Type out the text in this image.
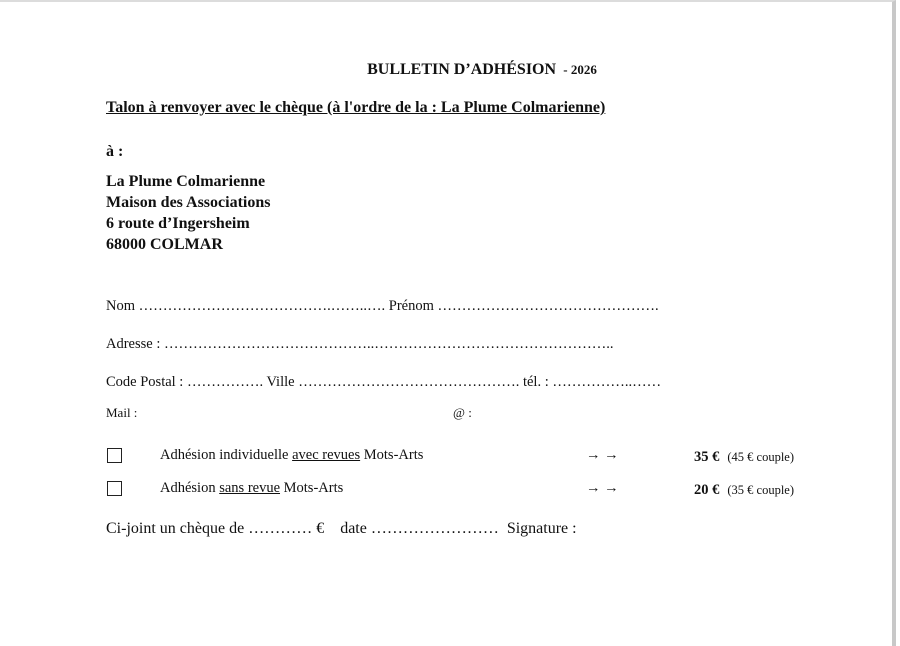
BULLETIN D’ADHÉSION  - 2026
Talon à renvoyer avec le chèque (à l'ordre de la : La Plume Colmarienne)
à :
La Plume Colmarienne
Maison des Associations
6 route d’Ingersheim
68000 COLMAR
Nom ………………………………….……..…. Prénom ……………………………………….
Adresse : ……………………………………..…………………………………………..
Code Postal : ……………. Ville ………………………………………. tél. : ……………..……
Mail :	@ :
Adhésion individuelle avec revues Mots-Arts	→ →	35 € (45 € couple)
Adhésion sans revue Mots-Arts	→ →	20 € (35 € couple)
Ci-joint un chèque de ………… €    date ……………………  Signature :
